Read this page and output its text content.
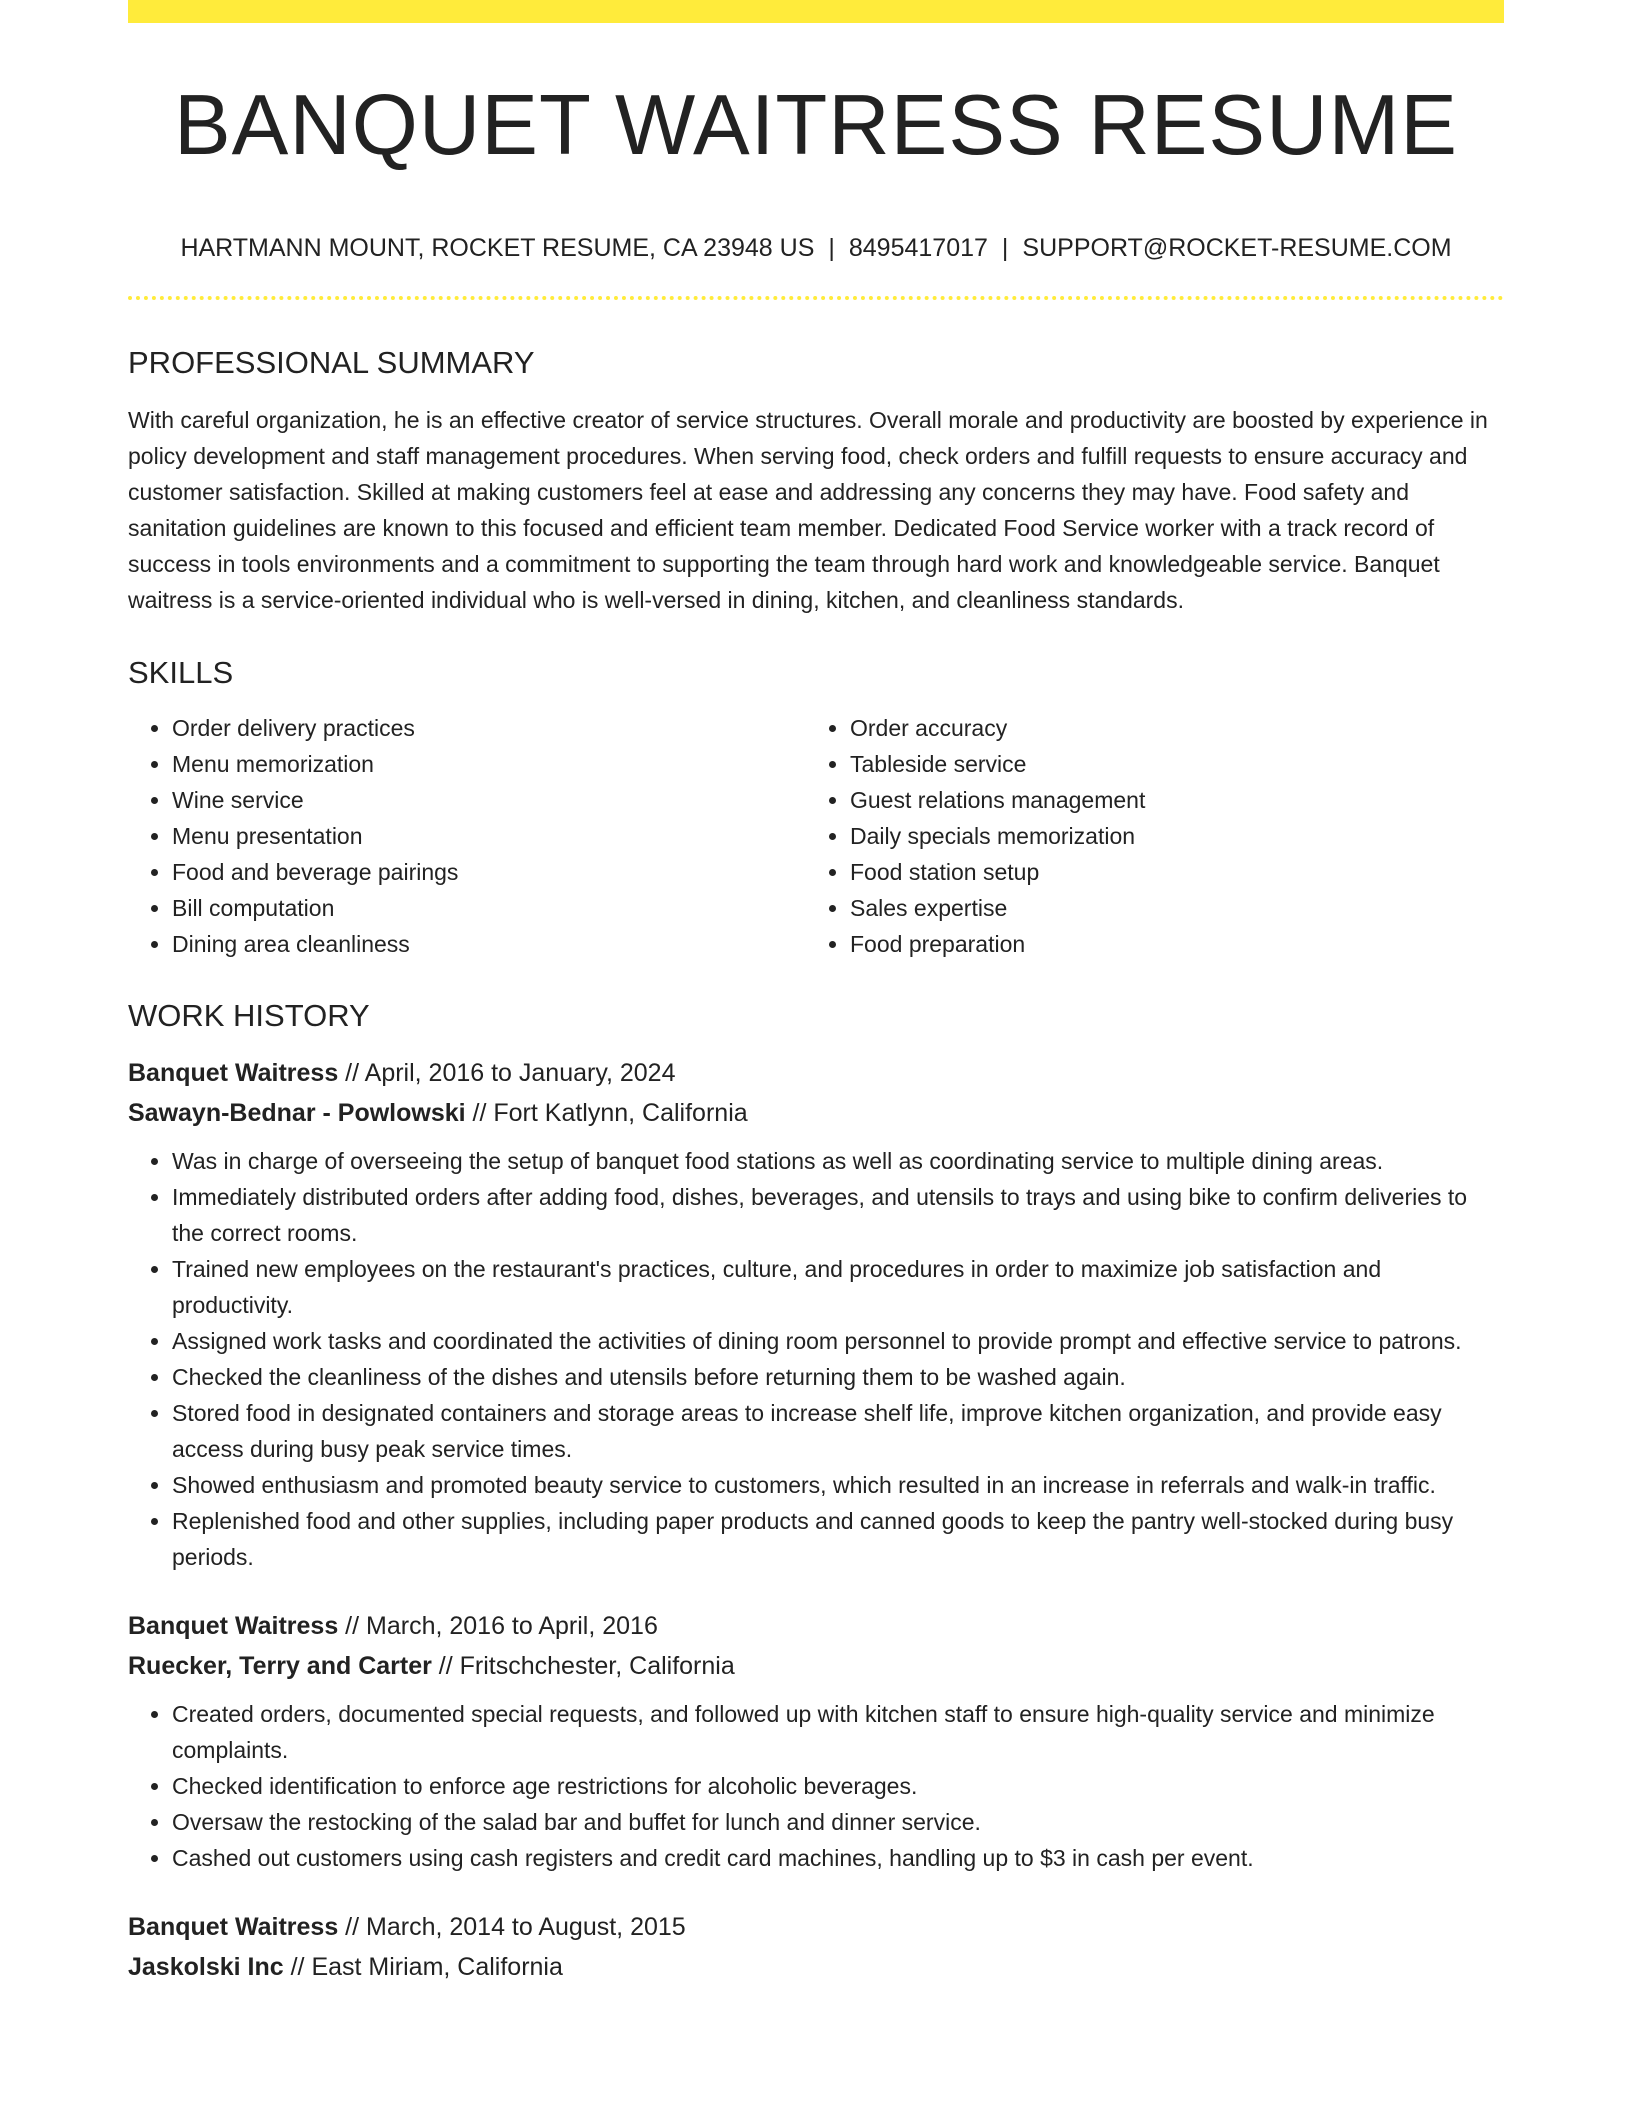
BANQUET WAITRESS RESUME
HARTMANN MOUNT, ROCKET RESUME, CA 23948 US | 8495417017 | SUPPORT@ROCKET-RESUME.COM
PROFESSIONAL SUMMARY

With careful organization, he is an effective creator of service structures. Overall morale and productivity are boosted by experience in policy development and staff management procedures. When serving food, check orders and fulfill requests to ensure accuracy and customer satisfaction. Skilled at making customers feel at ease and addressing any concerns they may have. Food safety and sanitation guidelines are known to this focused and efficient team member. Dedicated Food Service worker with a track record of success in tools environments and a commitment to supporting the team through hard work and knowledgeable service. Banquet waitress is a service-oriented individual who is well-versed in dining, kitchen, and cleanliness standards.

SKILLS
• Order delivery practices
• Menu memorization
• Wine service
• Menu presentation
• Food and beverage pairings
• Bill computation
• Dining area cleanliness
• Order accuracy
• Tableside service
• Guest relations management
• Daily specials memorization
• Food station setup
• Sales expertise
• Food preparation
WORK HISTORY
Banquet Waitress // April, 2016 to January, 2024
Sawayn-Bednar - Powlowski // Fort Katlynn, California
• Was in charge of overseeing the setup of banquet food stations as well as coordinating service to multiple dining areas.
• Immediately distributed orders after adding food, dishes, beverages, and utensils to trays and using bike to confirm deliveries to the correct rooms.
• Trained new employees on the restaurant's practices, culture, and procedures in order to maximize job satisfaction and productivity.
• Assigned work tasks and coordinated the activities of dining room personnel to provide prompt and effective service to patrons.
• Checked the cleanliness of the dishes and utensils before returning them to be washed again.
• Stored food in designated containers and storage areas to increase shelf life, improve kitchen organization, and provide easy access during busy peak service times.
• Showed enthusiasm and promoted beauty service to customers, which resulted in an increase in referrals and walk-in traffic.
• Replenished food and other supplies, including paper products and canned goods to keep the pantry well-stocked during busy periods.
Banquet Waitress // March, 2016 to April, 2016
Ruecker, Terry and Carter // Fritschchester, California
• Created orders, documented special requests, and followed up with kitchen staff to ensure high-quality service and minimize complaints.
• Checked identification to enforce age restrictions for alcoholic beverages.
• Oversaw the restocking of the salad bar and buffet for lunch and dinner service.
• Cashed out customers using cash registers and credit card machines, handling up to $3 in cash per event.
Banquet Waitress // March, 2014 to August, 2015
Jaskolski Inc // East Miriam, California
